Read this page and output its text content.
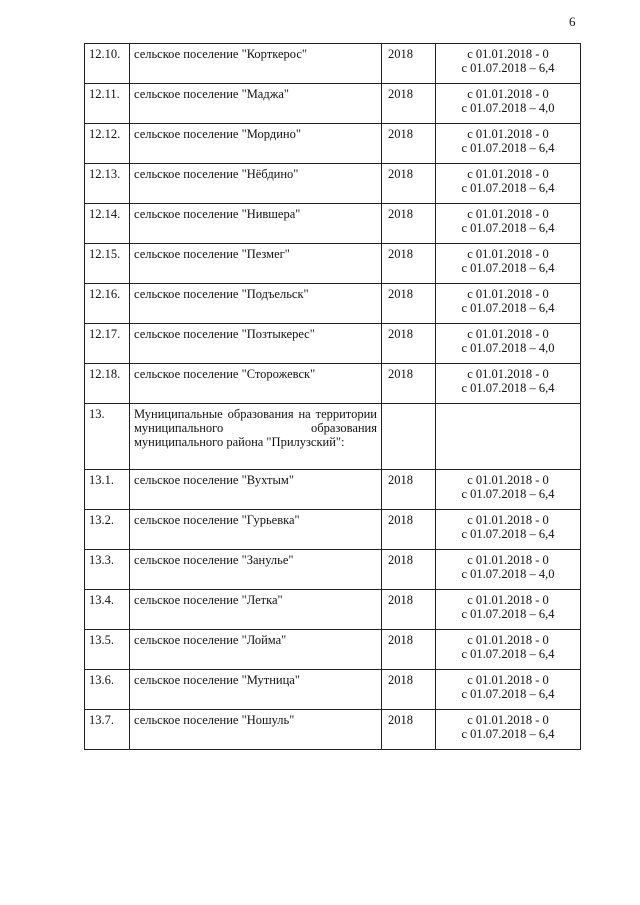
6
12.10.	сельское поселение "Корткерос"	2018	с 01.01.2018 - 0
с 01.07.2018 – 6,4

12.11.	сельское поселение "Маджа"	2018	с 01.01.2018 - 0
с 01.07.2018 – 4,0

12.12.	сельское поселение "Мордино"	2018	с 01.01.2018 - 0
с 01.07.2018 – 6,4

12.13.	сельское поселение "Нёбдино"	2018	с 01.01.2018 - 0
с 01.07.2018 – 6,4

12.14.	сельское поселение "Нившера"	2018	с 01.01.2018 - 0
с 01.07.2018 – 6,4

12.15.	сельское поселение "Пезмег"	2018	с 01.01.2018 - 0
с 01.07.2018 – 6,4

12.16.	сельское поселение "Подъельск"	2018	с 01.01.2018 - 0
с 01.07.2018 – 6,4

12.17.	сельское поселение "Позтыкерес"	2018	с 01.01.2018 - 0
с 01.07.2018 – 4,0

12.18.	сельское поселение "Сторожевск"	2018	с 01.01.2018 - 0
с 01.07.2018 – 6,4

13.	Муниципальные образования на территории муниципального образования муниципального района "Прилузский":		

13.1.	сельское поселение "Вухтым"	2018	с 01.01.2018 - 0
с 01.07.2018 – 6,4

13.2.	сельское поселение "Гурьевка"	2018	с 01.01.2018 - 0
с 01.07.2018 – 6,4

13.3.	сельское поселение "Занулье"	2018	с 01.01.2018 - 0
с 01.07.2018 – 4,0

13.4.	сельское поселение "Летка"	2018	с 01.01.2018 - 0
с 01.07.2018 – 6,4

13.5.	сельское поселение "Лойма"	2018	с 01.01.2018 - 0
с 01.07.2018 – 6,4

13.6.	сельское поселение "Мутница"	2018	с 01.01.2018 - 0
с 01.07.2018 – 6,4

13.7.	сельское поселение "Ношуль"	2018	с 01.01.2018 - 0
с 01.07.2018 – 6,4
